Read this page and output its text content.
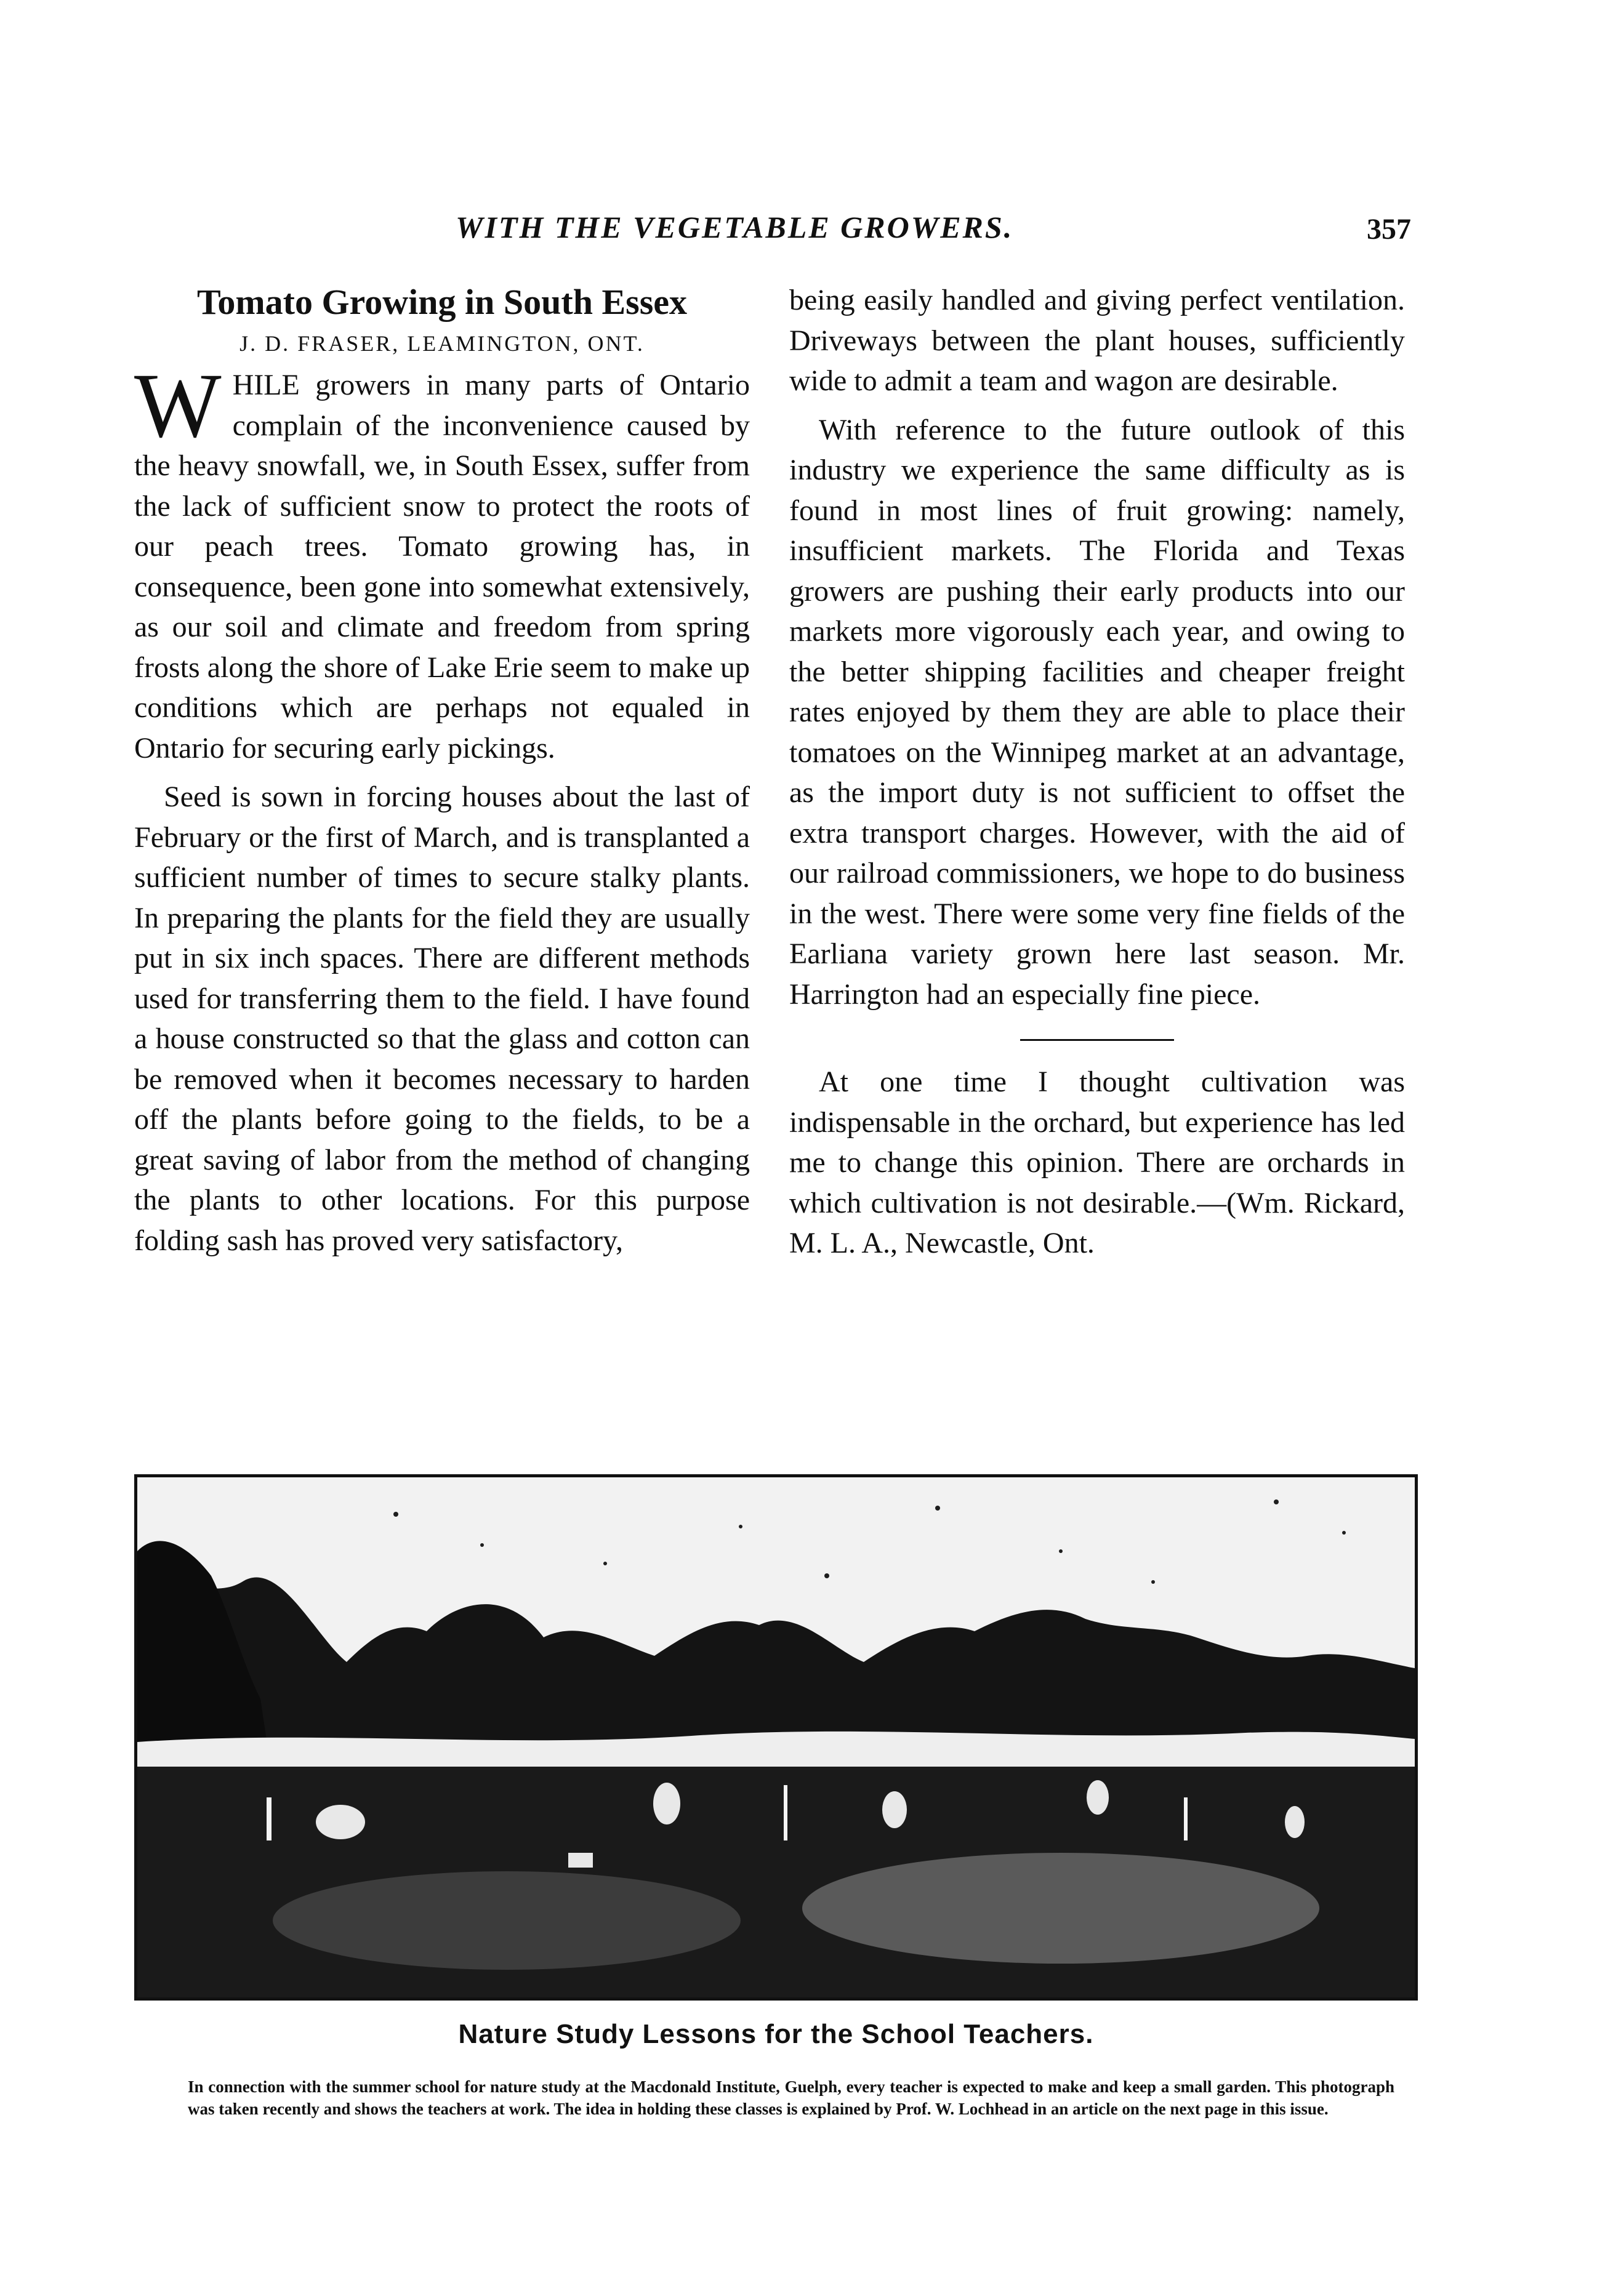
WITH THE VEGETABLE GROWERS.	357
Tomato Growing in South Essex
J. D. FRASER, LEAMINGTON, ONT.

WHILE growers in many parts of Ontario complain of the inconvenience caused by the heavy snowfall, we, in South Essex, suffer from the lack of sufficient snow to protect the roots of our peach trees. Tomato growing has, in consequence, been gone into somewhat extensively, as our soil and climate and freedom from spring frosts along the shore of Lake Erie seem to make up conditions which are perhaps not equaled in Ontario for securing early pickings.

Seed is sown in forcing houses about the last of February or the first of March, and is transplanted a sufficient number of times to secure stalky plants. In preparing the plants for the field they are usually put in six inch spaces. There are different methods used for transferring them to the field. I have found a house constructed so that the glass and cotton can be removed when it becomes necessary to harden off the plants before going to the fields, to be a great saving of labor from the method of changing the plants to other locations. For this purpose folding sash has proved very satisfactory,

being easily handled and giving perfect ventilation. Driveways between the plant houses, sufficiently wide to admit a team and wagon are desirable.

With reference to the future outlook of this industry we experience the same difficulty as is found in most lines of fruit growing: namely, insufficient markets. The Florida and Texas growers are pushing their early products into our markets more vigorously each year, and owing to the better shipping facilities and cheaper freight rates enjoyed by them they are able to place their tomatoes on the Winnipeg market at an advantage, as the import duty is not sufficient to offset the extra transport charges. However, with the aid of our railroad commissioners, we hope to do business in the west. There were some very fine fields of the Earliana variety grown here last season. Mr. Harrington had an especially fine piece.

At one time I thought cultivation was indispensable in the orchard, but experience has led me to change this opinion. There are orchards in which cultivation is not desirable.—(Wm. Rickard, M. L. A., Newcastle, Ont.

Nature Study Lessons for the School Teachers.
In connection with the summer school for nature study at the Macdonald Institute, Guelph, every teacher is expected to make and keep a small garden. This photograph was taken recently and shows the teachers at work. The idea in holding these classes is explained by Prof. W. Lochhead in an article on the next page in this issue.
